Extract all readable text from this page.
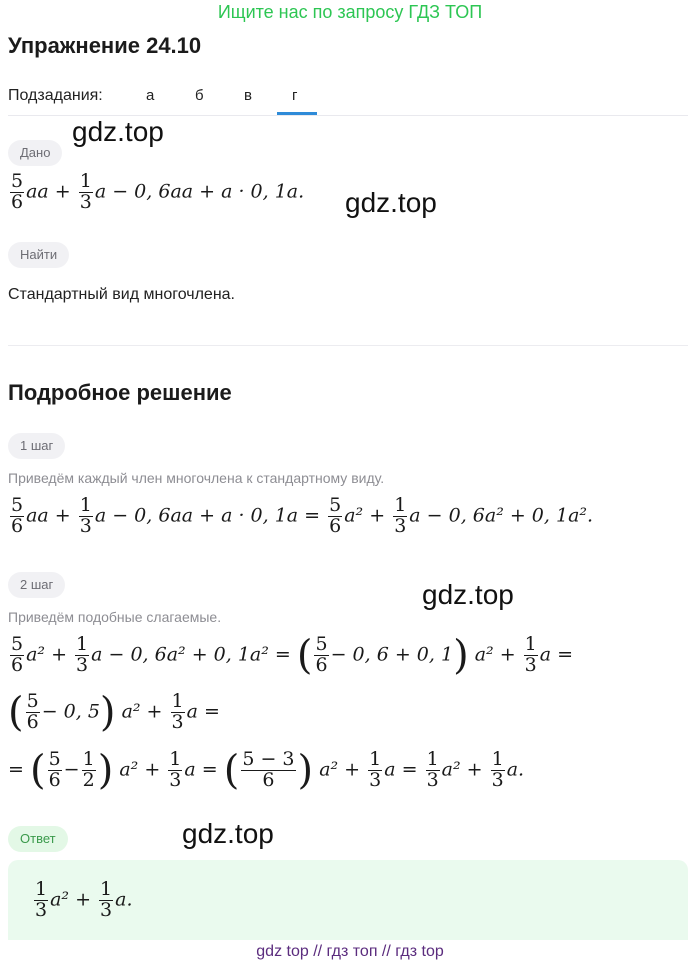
Ищите нас по запросу ГДЗ ТОП
Упражнение 24.10
Подзадания:	а	б	в	г
gdz.top
Дано
$\frac{5}{6}$ aa + $\frac{1}{3}$ a − 0, 6aa + a · 0, 1a. gdz.top
Найти
Стандартный вид многочлена.
Подробное решение
1 шаг
Приведём каждый член многочлена к стандартному виду.
$\frac{5}{6}$ aa + $\frac{1}{3}$ a − 0, 6aa + a · 0, $1a = \frac{5}{6} a^2 + \frac{1}{3}$ a − 0, 6a² + 0, 1a².
2 шаг	gdz.top
Приведём подобные слагаемые.
$\frac{5}{6} a^2 + \frac{1}{3}$ a − 0, 6a² + 0, 1a² = ( $\frac{5}{6} - 0$, 6 + 0, 1) $a^2 + \frac{1}{3}$ a =
( $\frac{5}{6} - 0$, 5) $a^2 + \frac{1}{3}$ a =
= ( $\frac{5}{6} - \frac{1}{2}$ ) $a^2 + \frac{1}{3}$ a = ( $\frac{5 - 3}{6}$ ) $a^2 + \frac{1}{3}$ $a = \frac{1}{3} a^2 + \frac{1}{3} a$.
Ответ	gdz.top
$\frac{1}{3} a^2 + \frac{1}{3} a$.
gdz top // гдз топ // гдз top
